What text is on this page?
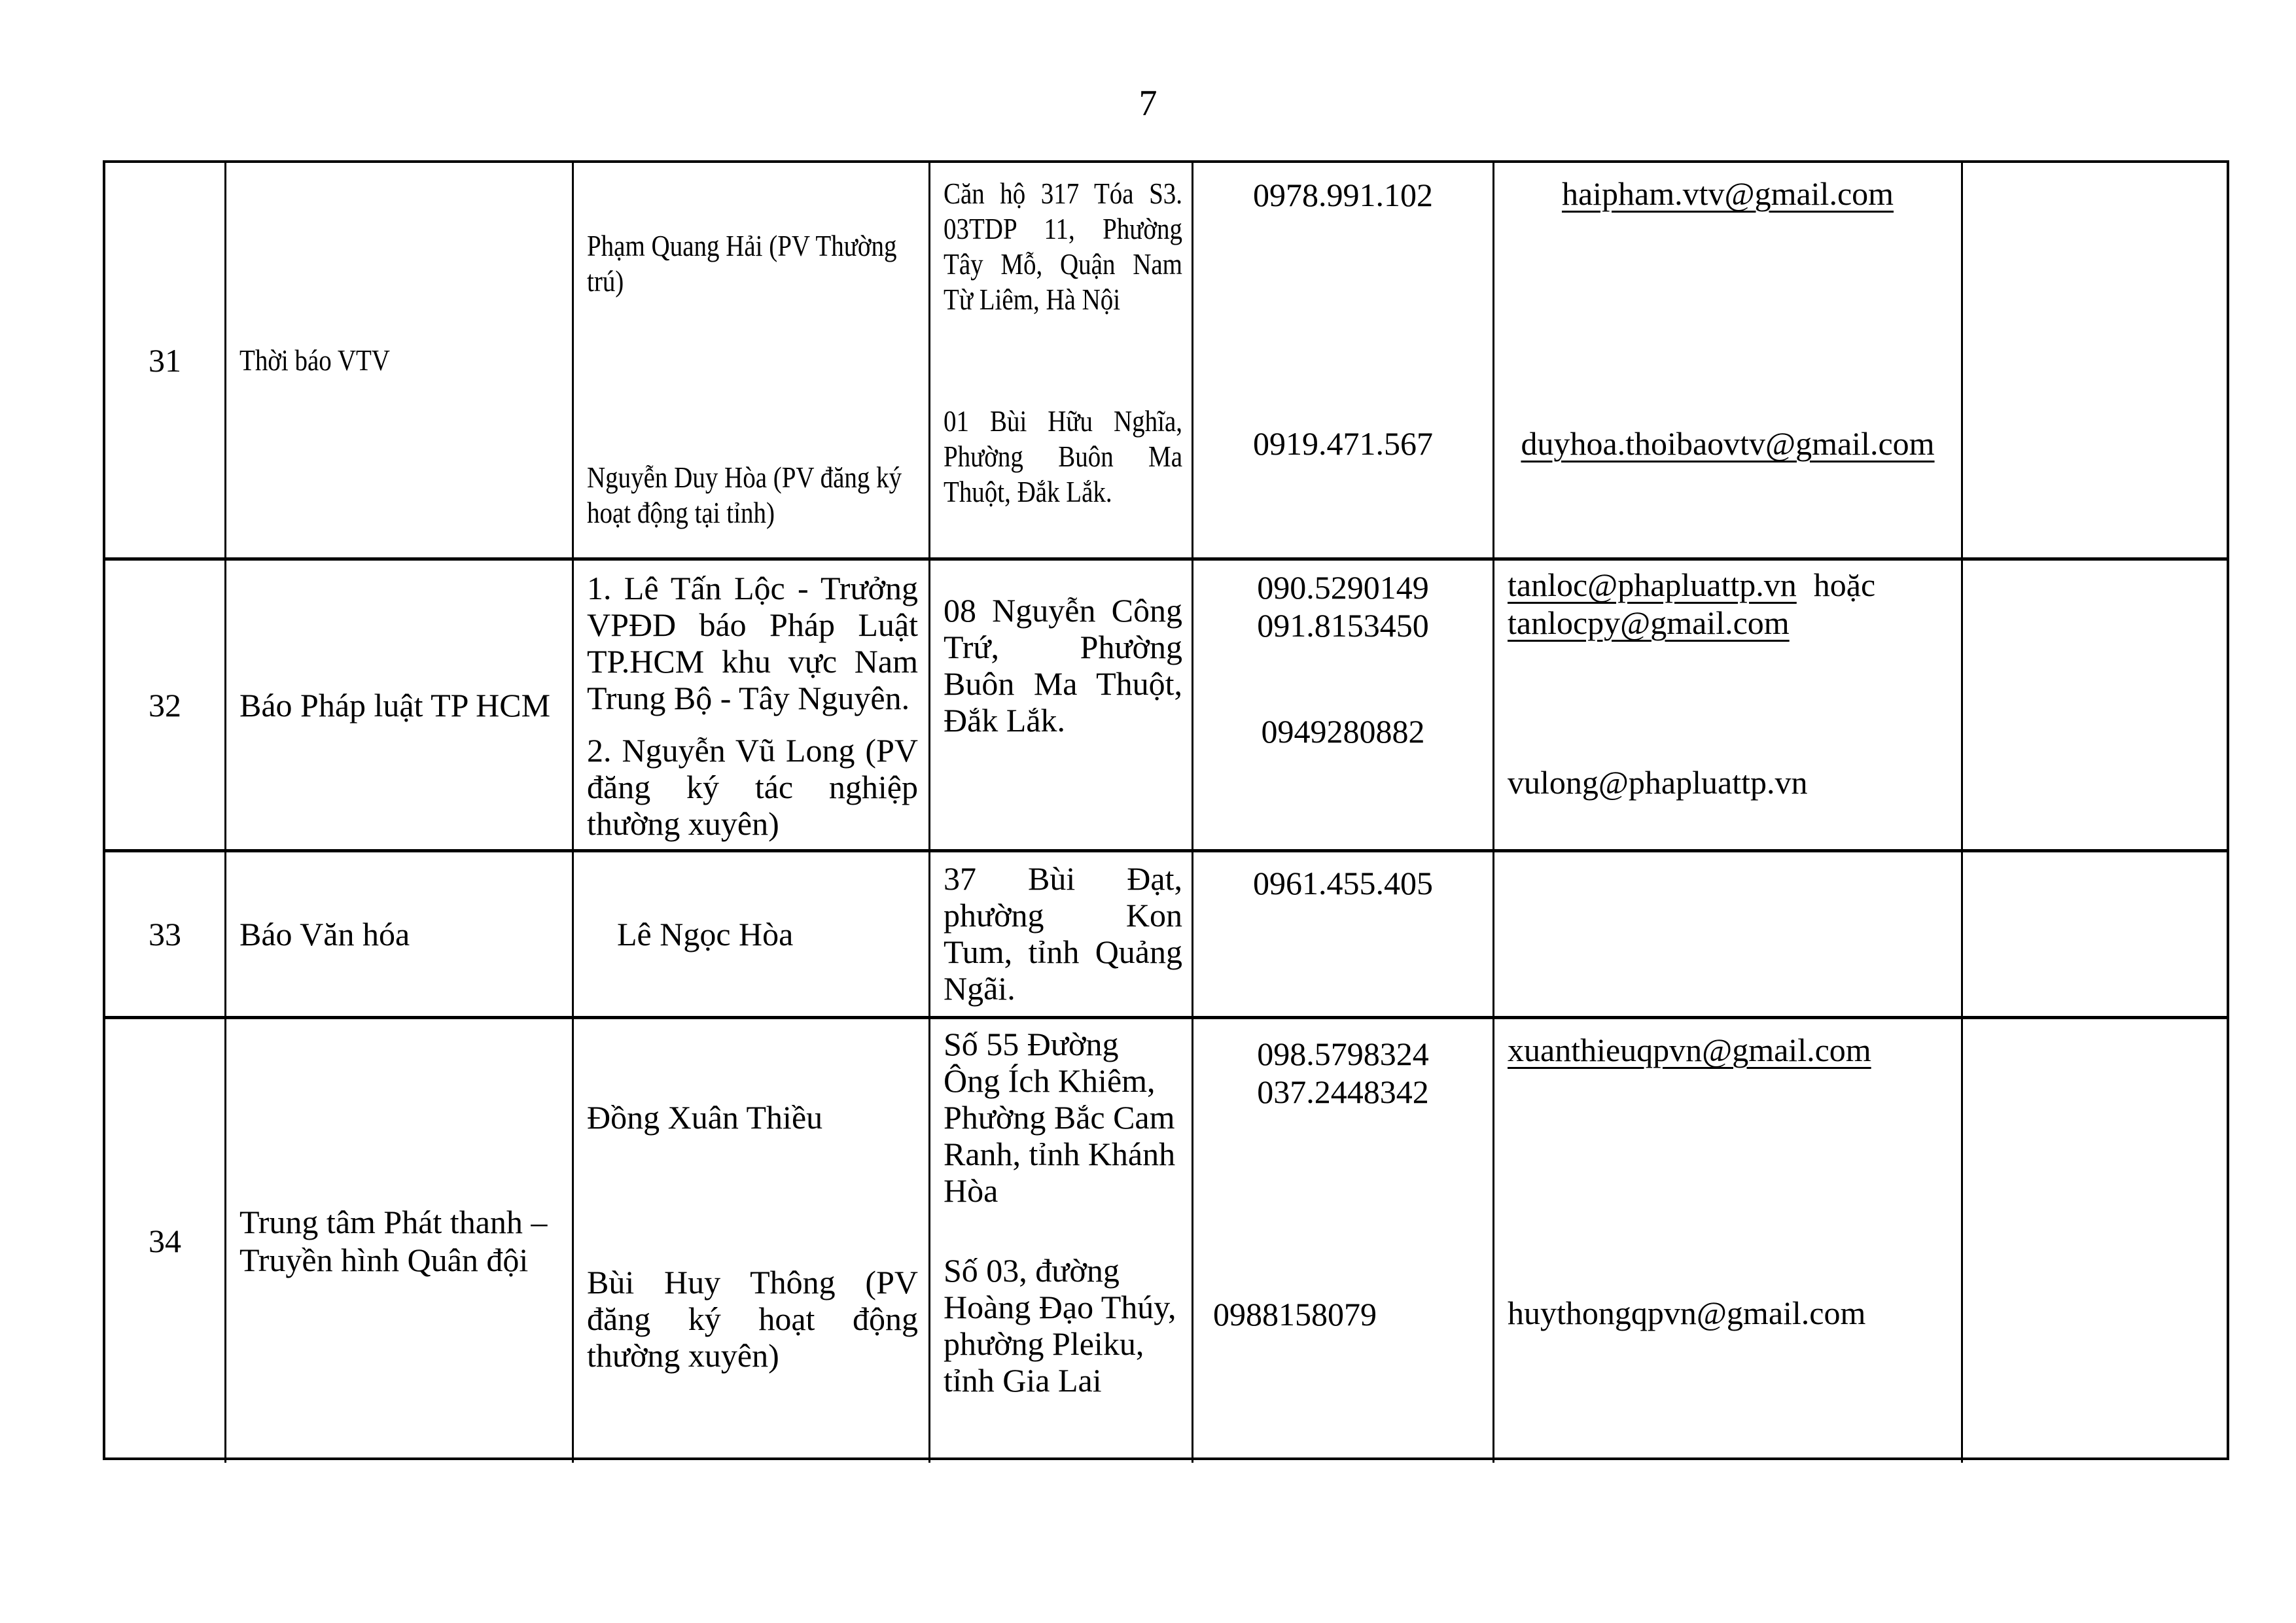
7
31 Thời báo VTV
Phạm Quang Hải (PV Thường trú)
Nguyễn Duy Hòa (PV đăng ký hoạt động tại tỉnh)
Căn hộ 317 Tóa S3. 03TDP 11, Phường Tây Mỗ, Quận Nam Từ Liêm, Hà Nội
01 Bùi Hữu Nghĩa, Phường Buôn Ma Thuột, Đắk Lắk.
0978.991.102
0919.471.567
haipham.vtv@gmail.com
duyhoa.thoibaovtv@gmail.com
32 Báo Pháp luật TP HCM
1. Lê Tấn Lộc - Trưởng VPĐD báo Pháp Luật TP.HCM khu vực Nam Trung Bộ - Tây Nguyên.
2. Nguyễn Vũ Long (PV đăng ký tác nghiệp thường xuyên)
08 Nguyễn Công Trứ, Phường Buôn Ma Thuột, Đắk Lắk.
090.5290149
091.8153450
0949280882
tanloc@phapluattp.vn hoặc
tanlocpy@gmail.com
vulong@phapluattp.vn
33 Báo Văn hóa	Lê Ngọc Hòa
37 Bùi Đạt, phường Kon Tum, tỉnh Quảng Ngãi.
0961.455.405
34
Trung tâm Phát thanh – Truyền hình Quân đội
Đồng Xuân Thiều
Bùi Huy Thông (PV đăng ký hoạt động thường xuyên)
Số 55 Đường Ông Ích Khiêm, Phường Bắc Cam Ranh, tỉnh Khánh Hòa
Số 03, đường Hoàng Đạo Thúy, phường Pleiku, tỉnh Gia Lai
098.5798324
037.2448342
0988158079
xuanthieuqpvn@gmail.com
huythongqpvn@gmail.com
